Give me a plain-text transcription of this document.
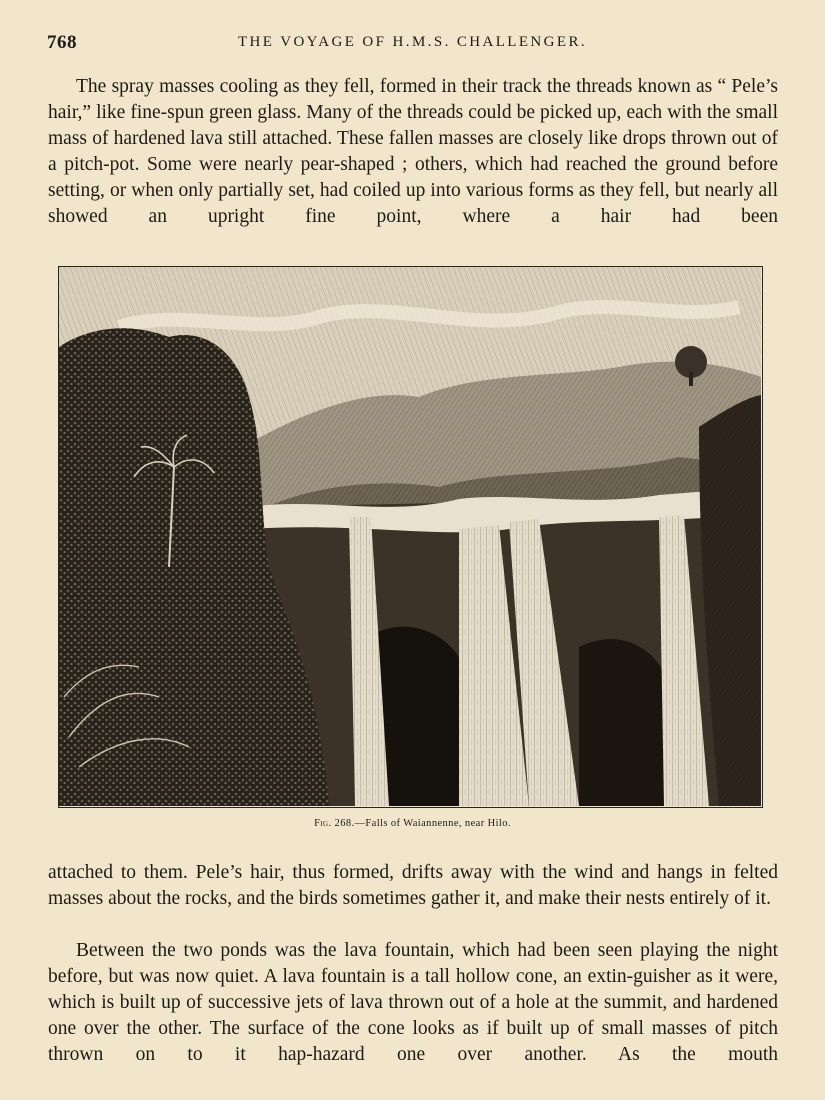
768	THE VOYAGE OF H.M.S. CHALLENGER.

The spray masses cooling as they fell, formed in their track the threads known as “ Pele’s hair,” like fine-spun green glass. Many of the threads could be picked up, each with the small mass of hardened lava still attached. These fallen masses are closely like drops thrown out of a pitch-pot. Some were nearly pear-shaped ; others, which had reached the ground before setting, or when only partially set, had coiled up into various forms as they fell, but nearly all showed an upright fine point, where a hair had been

Fig. 268.—Falls of Waiannenne, near Hilo.

attached to them. Pele’s hair, thus formed, drifts away with the wind and hangs in felted masses about the rocks, and the birds sometimes gather it, and make their nests entirely of it.

Between the two ponds was the lava fountain, which had been seen playing the night before, but was now quiet. A lava fountain is a tall hollow cone, an extin-guisher as it were, which is built up of successive jets of lava thrown out of a hole at the summit, and hardened one over the other. The surface of the cone looks as if built up of small masses of pitch thrown on to it hap-hazard one over another. As the mouth
